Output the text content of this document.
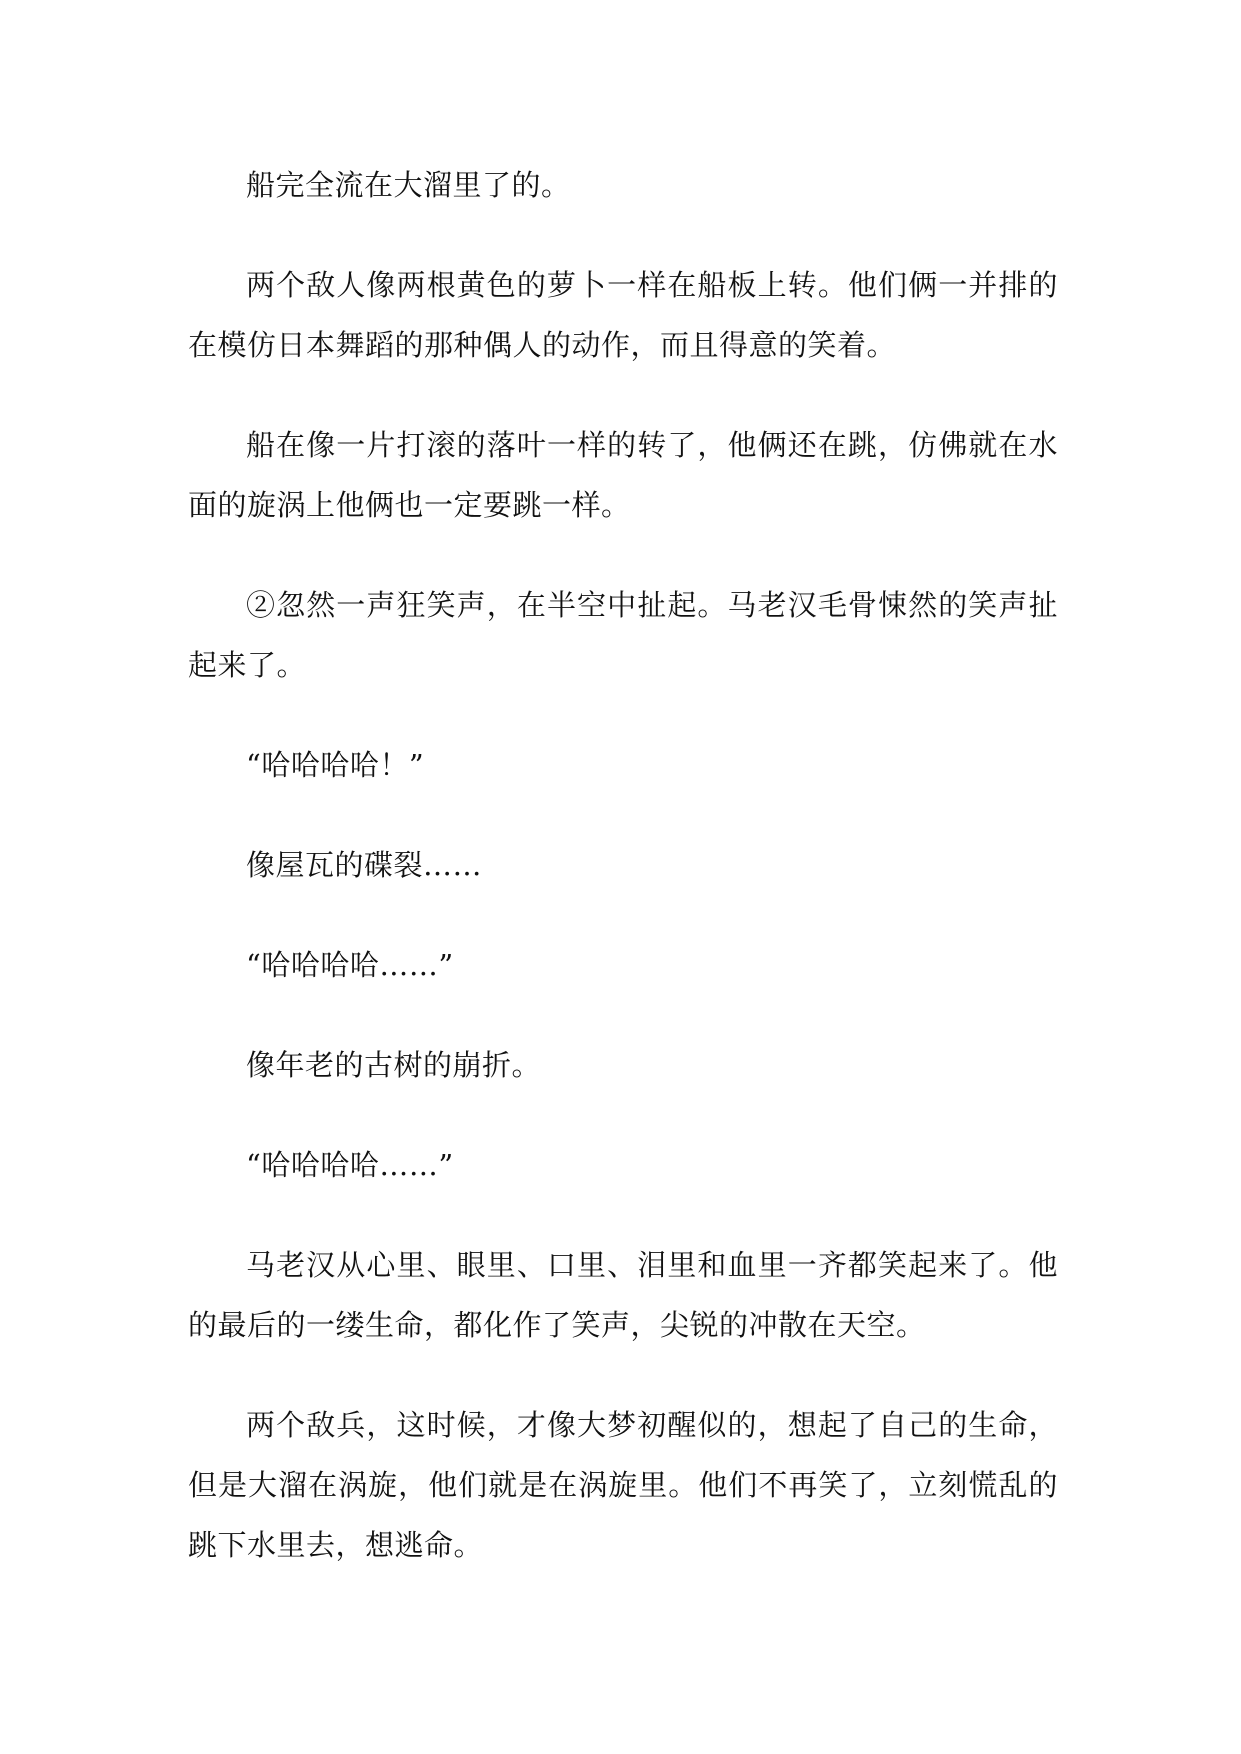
船完全流在大溜里了的。

两个敌人像两根黄色的萝卜一样在船板上转。他们俩一并排的在模仿日本舞蹈的那种偶人的动作，而且得意的笑着。

船在像一片打滚的落叶一样的转了，他俩还在跳，仿佛就在水面的旋涡上他俩也一定要跳一样。

②忽然一声狂笑声，在半空中扯起。马老汉毛骨悚然的笑声扯起来了。

“哈哈哈哈！”

像屋瓦的碟裂……

“哈哈哈哈……”

像年老的古树的崩折。

“哈哈哈哈……”

马老汉从心里、眼里、口里、泪里和血里一齐都笑起来了。他的最后的一缕生命，都化作了笑声，尖锐的冲散在天空。

两个敌兵，这时候，才像大梦初醒似的，想起了自己的生命，但是大溜在涡旋，他们就是在涡旋里。他们不再笑了，立刻慌乱的跳下水里去，想逃命。
